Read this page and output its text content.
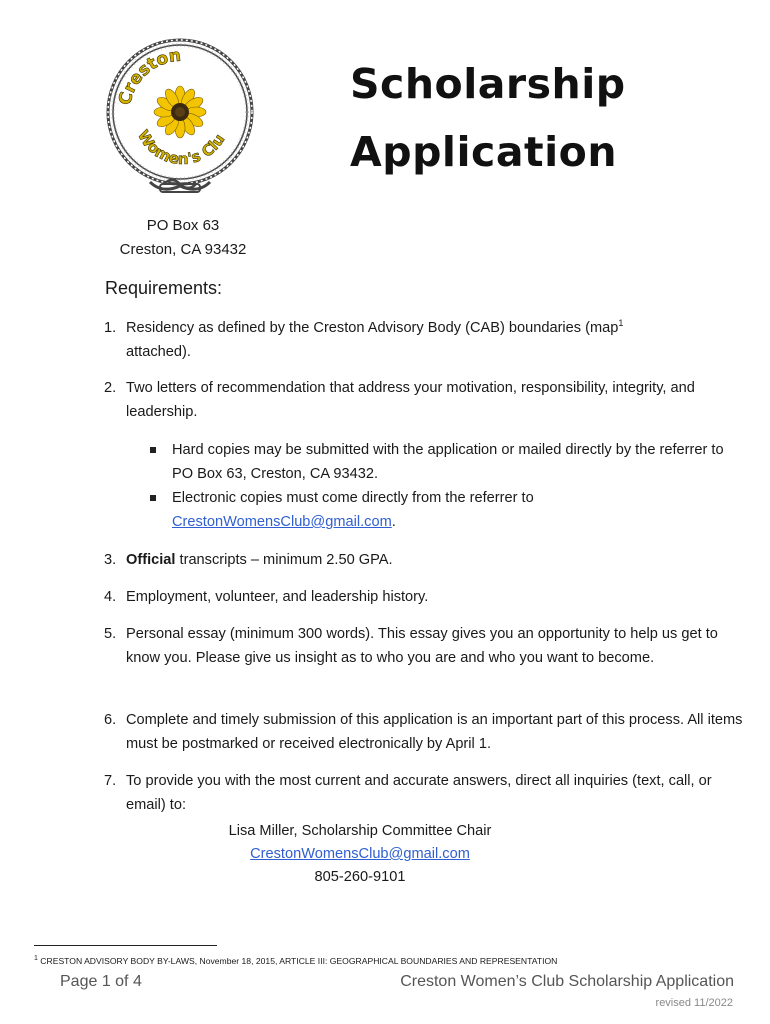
Creston
Women's Clu
Scholarship
Application
PO Box 63
Creston, CA 93432
Requirements:
1. Residency as defined by the Creston Advisory Body (CAB) boundaries (map$^1$
attached).
2. Two letters of recommendation that address your motivation, responsibility, integrity, and leadership.
Hard copies may be submitted with the application or mailed directly by the referrer to PO Box 63, Creston, CA 93432.
Electronic copies must come directly from the referrer to
CrestonWomensClub@gmail.com.
3. Official transcripts – minimum 2.50 GPA.
4. Employment, volunteer, and leadership history.
5. Personal essay (minimum 300 words). This essay gives you an opportunity to help us get to know you. Please give us insight as to who you are and who you want to become.
6. Complete and timely submission of this application is an important part of this process. All items must be postmarked or received electronically by April 1.
7. To provide you with the most current and accurate answers, direct all inquiries (text, call, or email) to:
Lisa Miller, Scholarship Committee Chair
CrestonWomensClub@gmail.com
805-260-9101
$^1$ CRESTON ADVISORY BODY BY-LAWS, November 18, 2015, ARTICLE III: GEOGRAPHICAL BOUNDARIES AND REPRESENTATION
Page 1 of 4	Creston Women’s Club Scholarship Application
revised 11/2022
